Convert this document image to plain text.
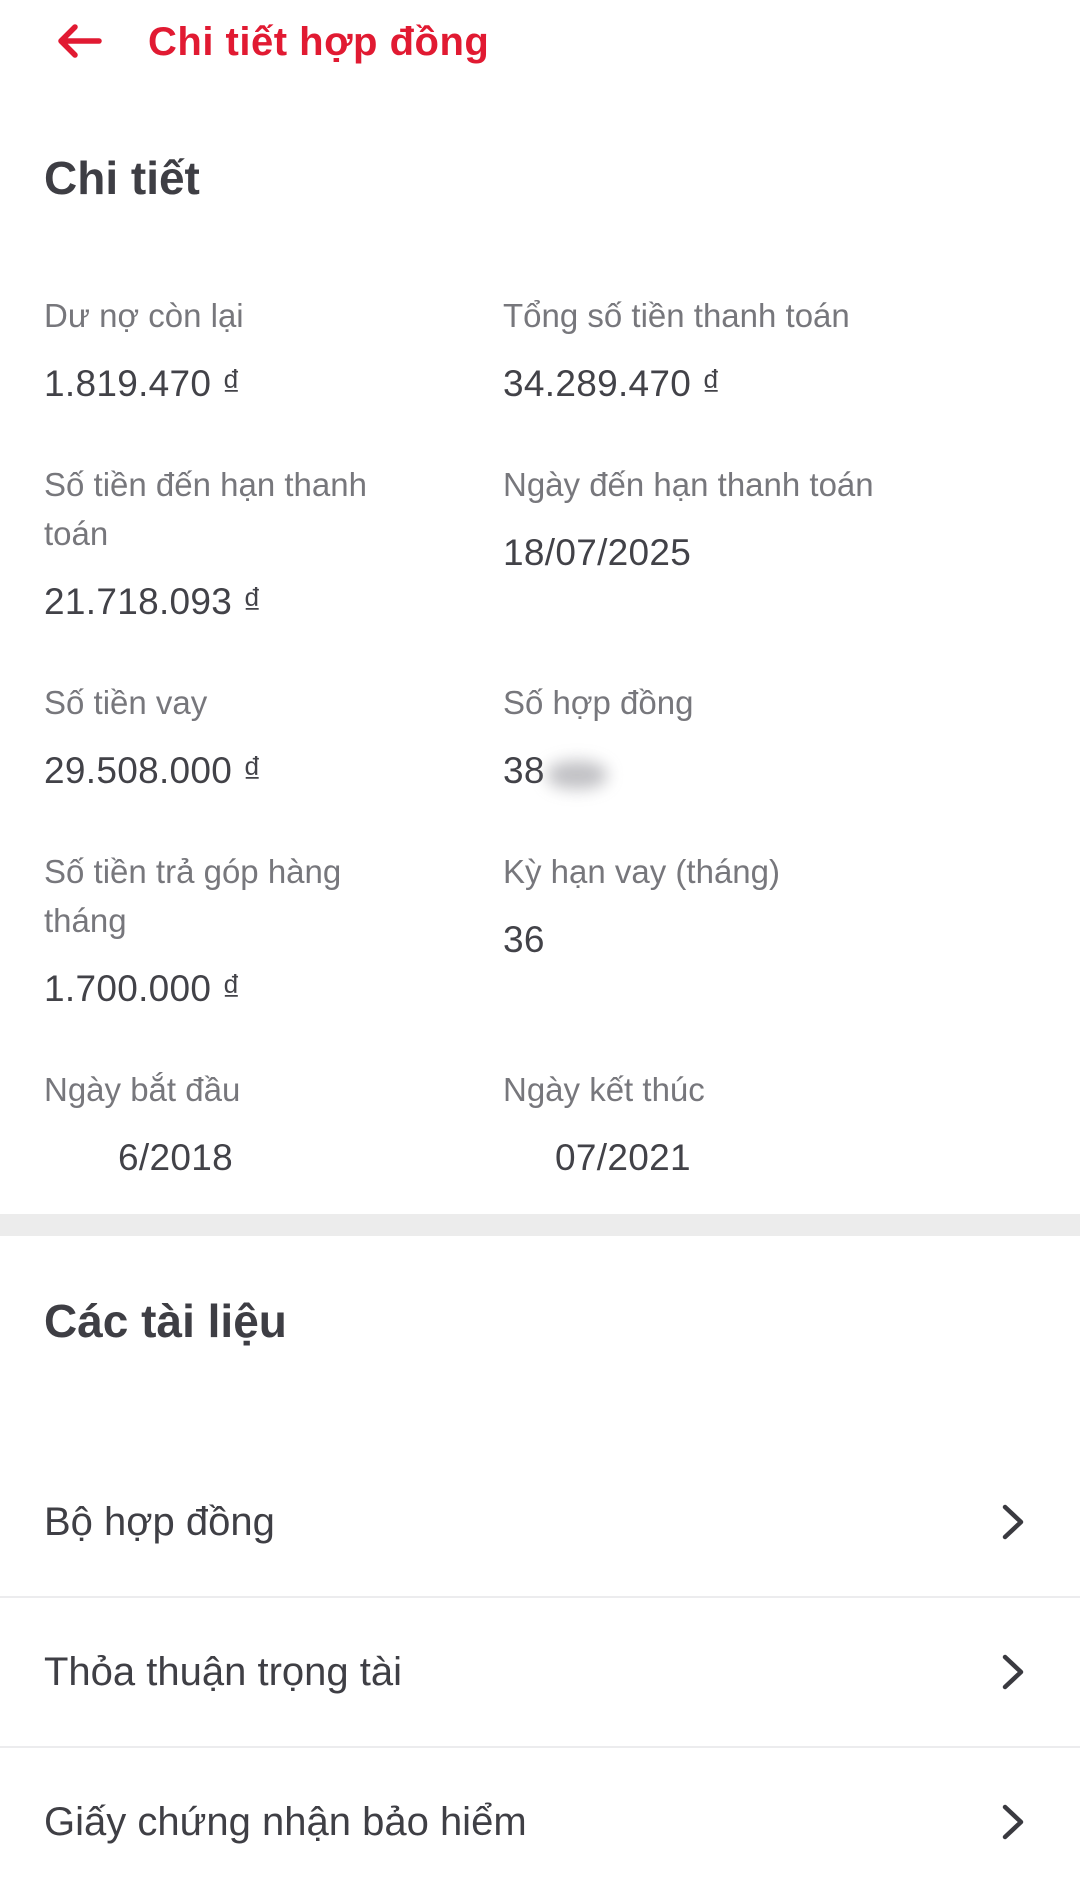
Chi tiết hợp đồng
Chi tiết
Dư nợ còn lại
1.819.470 ₫
Tổng số tiền thanh toán
34.289.470 ₫
Số tiền đến hạn thanh toán
21.718.093 ₫
Ngày đến hạn thanh toán
18/07/2025
Số tiền vay
29.508.000 ₫
Số hợp đồng
38
Số tiền trả góp hàng tháng
1.700.000 ₫
Kỳ hạn vay (tháng)
36
Ngày bắt đầu
6/2018
Ngày kết thúc
07/2021
Các tài liệu
Bộ hợp đồng
Thỏa thuận trọng tài
Giấy chứng nhận bảo hiểm
